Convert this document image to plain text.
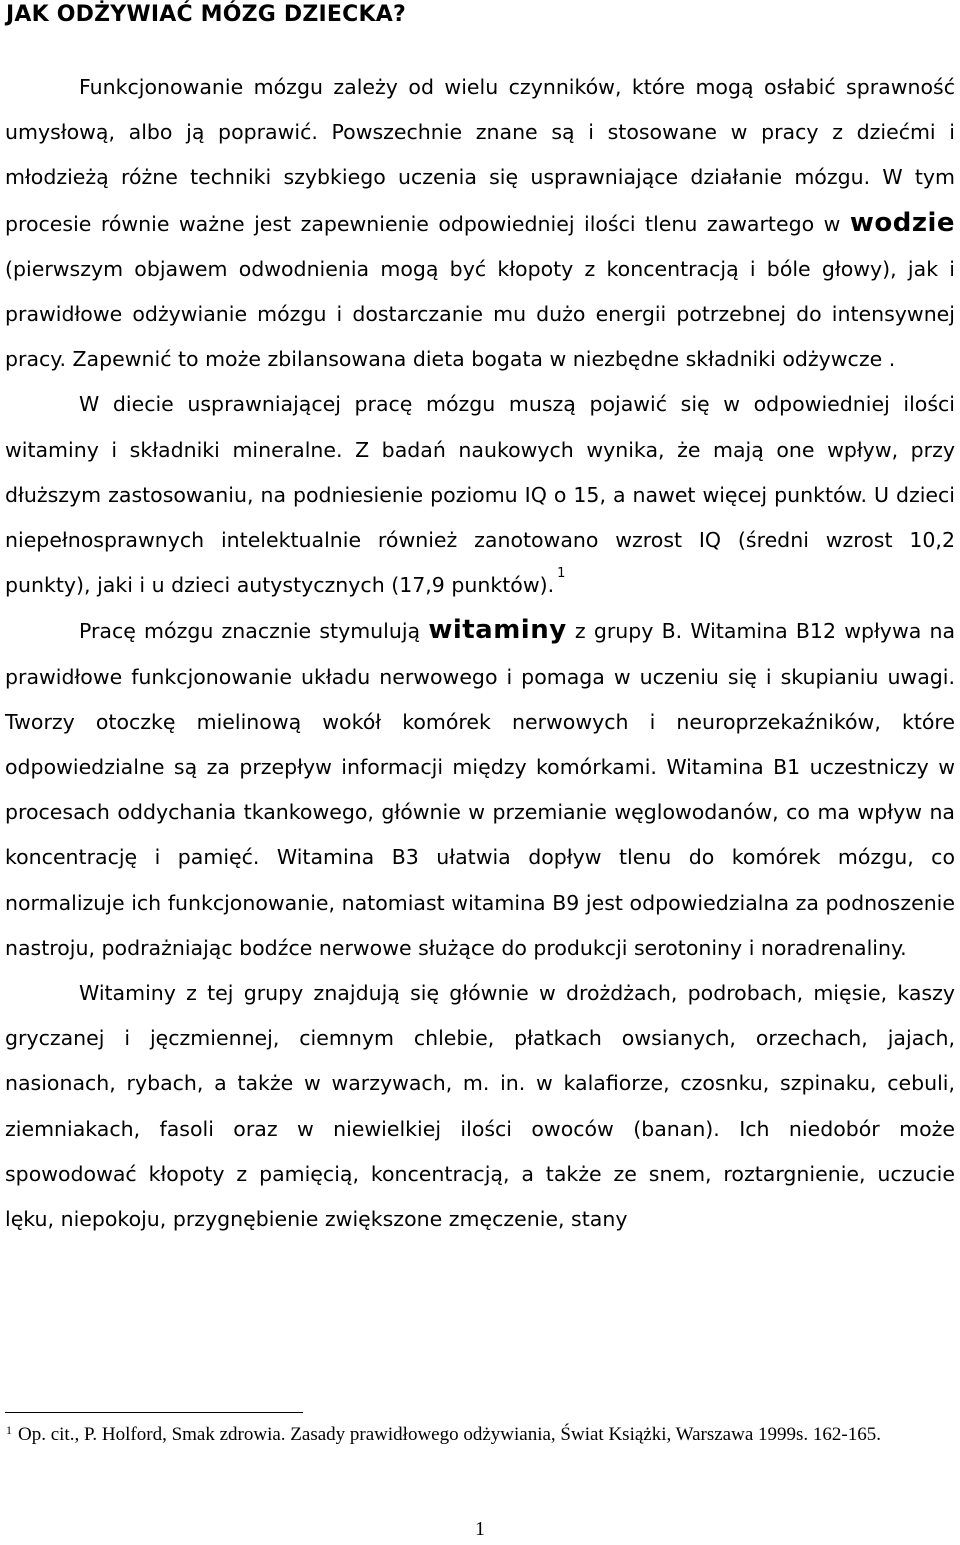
JAK ODŻYWIAĆ MÓZG DZIECKA?

Funkcjonowanie mózgu zależy od wielu czynników, które mogą osłabić sprawność umysłową, albo ją poprawić. Powszechnie znane są i stosowane w pracy z dziećmi i młodzieżą różne techniki szybkiego uczenia się usprawniające działanie mózgu. W tym procesie równie ważne jest zapewnienie odpowiedniej ilości tlenu zawartego w wodzie (pierwszym objawem odwodnienia mogą być kłopoty z koncentracją i bóle głowy), jak i prawidłowe odżywianie mózgu i dostarczanie mu dużo energii potrzebnej do intensywnej pracy. Zapewnić to może zbilansowana dieta bogata w niezbędne składniki odżywcze .

W diecie usprawniającej pracę mózgu muszą pojawić się w odpowiedniej ilości witaminy i składniki mineralne. Z badań naukowych wynika, że mają one wpływ, przy dłuższym zastosowaniu, na podniesienie poziomu IQ o 15, a nawet więcej punktów. U dzieci niepełnosprawnych intelektualnie również zanotowano wzrost IQ (średni wzrost 10,2 punkty), jaki i u dzieci autystycznych (17,9 punktów). $^1$

Pracę mózgu znacznie stymulują witaminy z grupy B. Witamina B12 wpływa na prawidłowe funkcjonowanie układu nerwowego i pomaga w uczeniu się i skupianiu uwagi. Tworzy otoczkę mielinową wokół komórek nerwowych i neuroprzekaźników, które odpowiedzialne są za przepływ informacji między komórkami. Witamina B1 uczestniczy w procesach oddychania tkankowego, głównie w przemianie węglowodanów, co ma wpływ na koncentrację i pamięć. Witamina B3 ułatwia dopływ tlenu do komórek mózgu, co normalizuje ich funkcjonowanie, natomiast witamina B9 jest odpowiedzialna za podnoszenie nastroju, podrażniając bodźce nerwowe służące do produkcji serotoniny i noradrenaliny.

Witaminy z tej grupy znajdują się głównie w drożdżach, podrobach, mięsie, kaszy gryczanej i jęczmiennej, ciemnym chlebie, płatkach owsianych, orzechach, jajach, nasionach, rybach, a także w warzywach, m. in. w kalafiorze, czosnku, szpinaku, cebuli, ziemniakach, fasoli oraz w niewielkiej ilości owoców (banan). Ich niedobór może spowodować kłopoty z pamięcią, koncentracją, a także ze snem, roztargnienie, uczucie lęku, niepokoju, przygnębienie zwiększone zmęczenie, stany

$^1$ Op. cit., P. Holford, Smak zdrowia. Zasady prawidłowego odżywiania, Świat Książki, Warszawa 1999s. 162-165.

1
